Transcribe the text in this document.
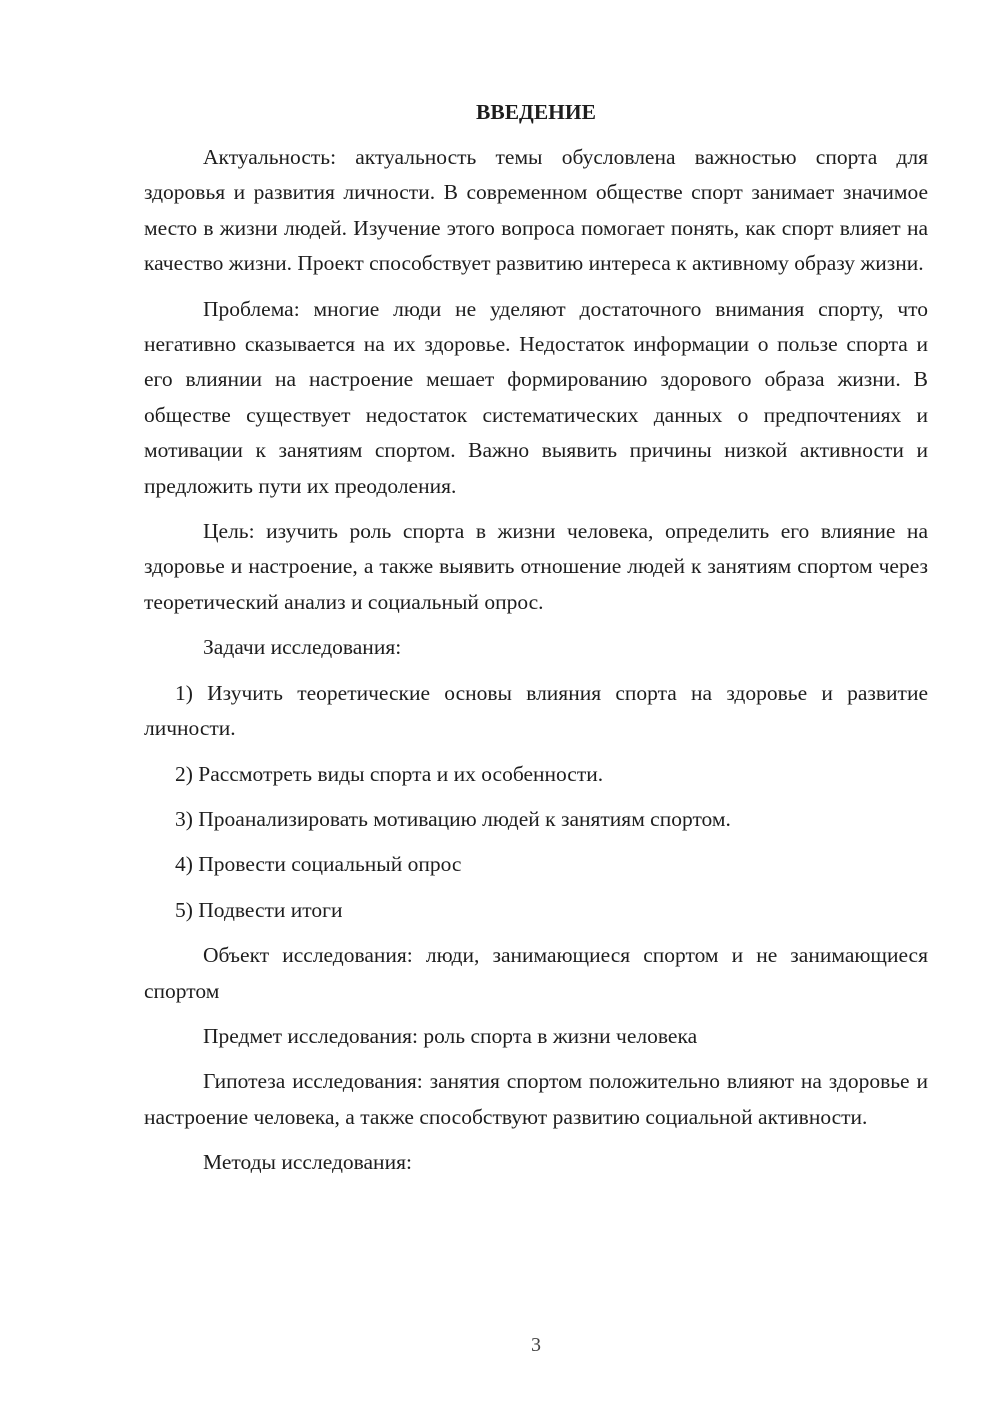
ВВЕДЕНИЕ

Актуальность: актуальность темы обусловлена важностью спорта для здоровья и развития личности. В современном обществе спорт занимает значимое место в жизни людей. Изучение этого вопроса помогает понять, как спорт влияет на качество жизни. Проект способствует развитию интереса к активному образу жизни.

Проблема: многие люди не уделяют достаточного внимания спорту, что негативно сказывается на их здоровье. Недостаток информации о пользе спорта и его влиянии на настроение мешает формированию здорового образа жизни. В обществе существует недостаток систематических данных о предпочтениях и мотивации к занятиям спортом. Важно выявить причины низкой активности и предложить пути их преодоления.

Цель: изучить роль спорта в жизни человека, определить его влияние на здоровье и настроение, а также выявить отношение людей к занятиям спортом через теоретический анализ и социальный опрос.

Задачи исследования:

1) Изучить теоретические основы влияния спорта на здоровье и развитие личности.

2) Рассмотреть виды спорта и их особенности.

3) Проанализировать мотивацию людей к занятиям спортом.

4) Провести социальный опрос

5) Подвести итоги

Объект исследования: люди, занимающиеся спортом и не занимающиеся спортом

Предмет исследования: роль спорта в жизни человека

Гипотеза исследования: занятия спортом положительно влияют на здоровье и настроение человека, а также способствуют развитию социальной активности.

Методы исследования:

3
